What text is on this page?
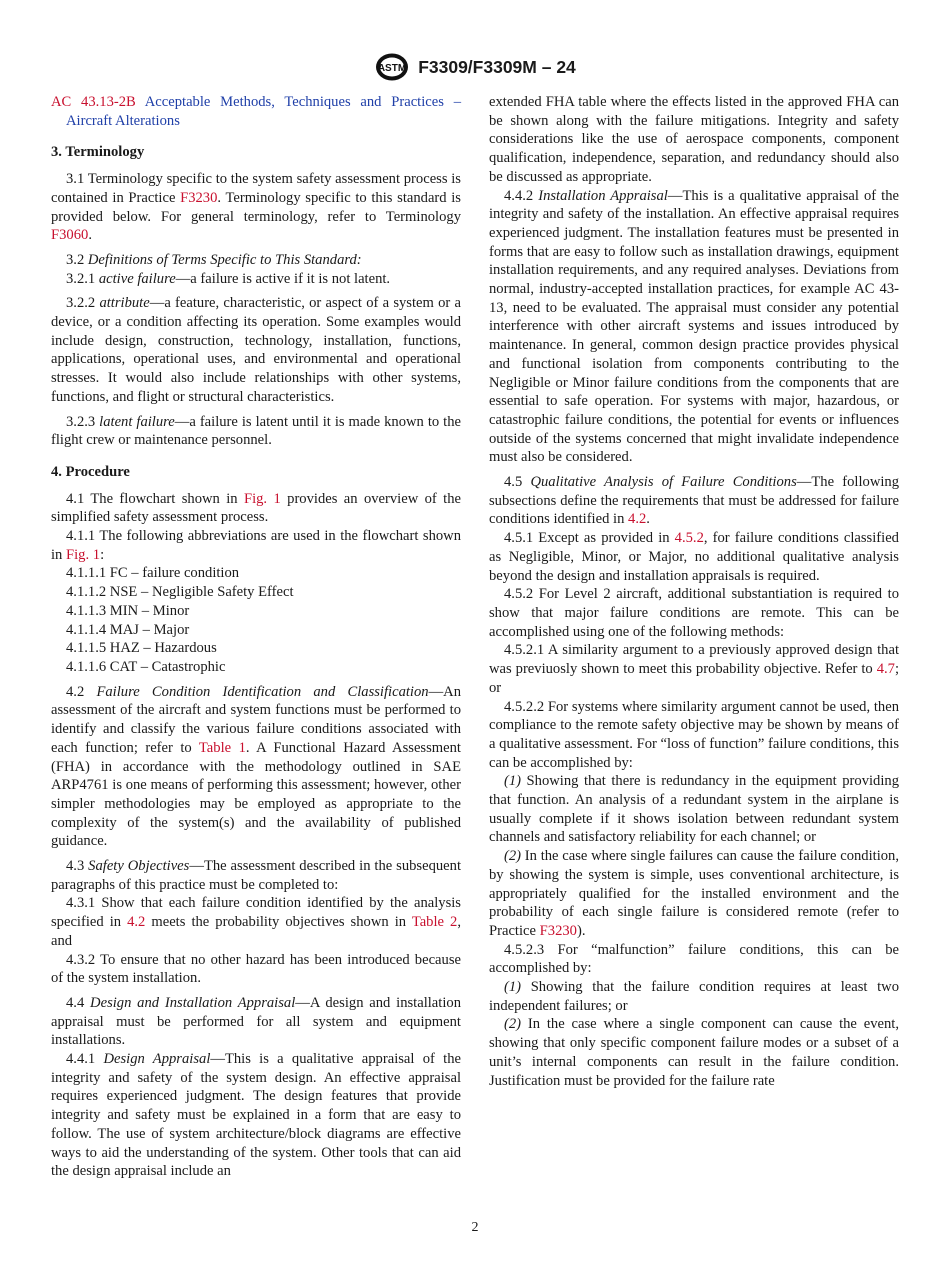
ASTM F3309/F3309M – 24

AC 43.13-2B Acceptable Methods, Techniques and Practices – Aircraft Alterations

3. Terminology

3.1 Terminology specific to the system safety assessment process is contained in Practice F3230. Terminology specific to this standard is provided below. For general terminology, refer to Terminology F3060.

3.2 Definitions of Terms Specific to This Standard:

3.2.1 active failure—a failure is active if it is not latent.

3.2.2 attribute—a feature, characteristic, or aspect of a system or a device, or a condition affecting its operation. Some examples would include design, construction, technology, installation, functions, applications, operational uses, and environmental and operational stresses. It would also include relationships with other systems, functions, and flight or structural characteristics.

3.2.3 latent failure—a failure is latent until it is made known to the flight crew or maintenance personnel.

4. Procedure

4.1 The flowchart shown in Fig. 1 provides an overview of the simplified safety assessment process.

4.1.1 The following abbreviations are used in the flowchart shown in Fig. 1:

4.1.1.1 FC – failure condition

4.1.1.2 NSE – Negligible Safety Effect

4.1.1.3 MIN – Minor

4.1.1.4 MAJ – Major

4.1.1.5 HAZ – Hazardous

4.1.1.6 CAT – Catastrophic

4.2 Failure Condition Identification and Classification—An assessment of the aircraft and system functions must be performed to identify and classify the various failure conditions associated with each function; refer to Table 1. A Functional Hazard Assessment (FHA) in accordance with the methodology outlined in SAE ARP4761 is one means of performing this assessment; however, other simpler methodologies may be employed as appropriate to the complexity of the system(s) and the availability of published guidance.

4.3 Safety Objectives—The assessment described in the subsequent paragraphs of this practice must be completed to:

4.3.1 Show that each failure condition identified by the analysis specified in 4.2 meets the probability objectives shown in Table 2, and

4.3.2 To ensure that no other hazard has been introduced because of the system installation.

4.4 Design and Installation Appraisal—A design and installation appraisal must be performed for all system and equipment installations.

4.4.1 Design Appraisal—This is a qualitative appraisal of the integrity and safety of the system design. An effective appraisal requires experienced judgment. The design features that provide integrity and safety must be explained in a form that are easy to follow. The use of system architecture/block diagrams are effective ways to aid the understanding of the system. Other tools that can aid the design appraisal include an

extended FHA table where the effects listed in the approved FHA can be shown along with the failure mitigations. Integrity and safety considerations like the use of aerospace components, component qualification, independence, separation, and redundancy should also be discussed as appropriate.

4.4.2 Installation Appraisal—This is a qualitative appraisal of the integrity and safety of the installation. An effective appraisal requires experienced judgment. The installation features must be presented in forms that are easy to follow such as installation drawings, equipment installation requirements, and any required analyses. Deviations from normal, industry-accepted installation practices, for example AC 43-13, need to be evaluated. The appraisal must consider any potential interference with other aircraft systems and issues introduced by maintenance. In general, common design practice provides physical and functional isolation from components contributing to the Negligible or Minor failure conditions from the components that are essential to safe operation. For systems with major, hazardous, or catastrophic failure conditions, the potential for events or influences outside of the systems concerned that might invalidate independence must also be considered.

4.5 Qualitative Analysis of Failure Conditions—The following subsections define the requirements that must be addressed for failure conditions identified in 4.2.

4.5.1 Except as provided in 4.5.2, for failure conditions classified as Negligible, Minor, or Major, no additional qualitative analysis beyond the design and installation appraisals is required.

4.5.2 For Level 2 aircraft, additional substantiation is required to show that major failure conditions are remote. This can be accomplished using one of the following methods:

4.5.2.1 A similarity argument to a previously approved design that was previuosly shown to meet this probability objective. Refer to 4.7; or

4.5.2.2 For systems where similarity argument cannot be used, then compliance to the remote safety objective may be shown by means of a qualitative assessment. For “loss of function” failure conditions, this can be accomplished by:

(1) Showing that there is redundancy in the equipment providing that function. An analysis of a redundant system in the airplane is usually complete if it shows isolation between redundant system channels and satisfactory reliability for each channel; or

(2) In the case where single failures can cause the failure condition, by showing the system is simple, uses conventional architecture, is appropriately qualified for the installed environment and the probability of each single failure is considered remote (refer to Practice F3230).

4.5.2.3 For “malfunction” failure conditions, this can be accomplished by:

(1) Showing that the failure condition requires at least two independent failures; or

(2) In the case where a single component can cause the event, showing that only specific component failure modes or a subset of a unit’s internal components can result in the failure condition. Justification must be provided for the failure rate

2
